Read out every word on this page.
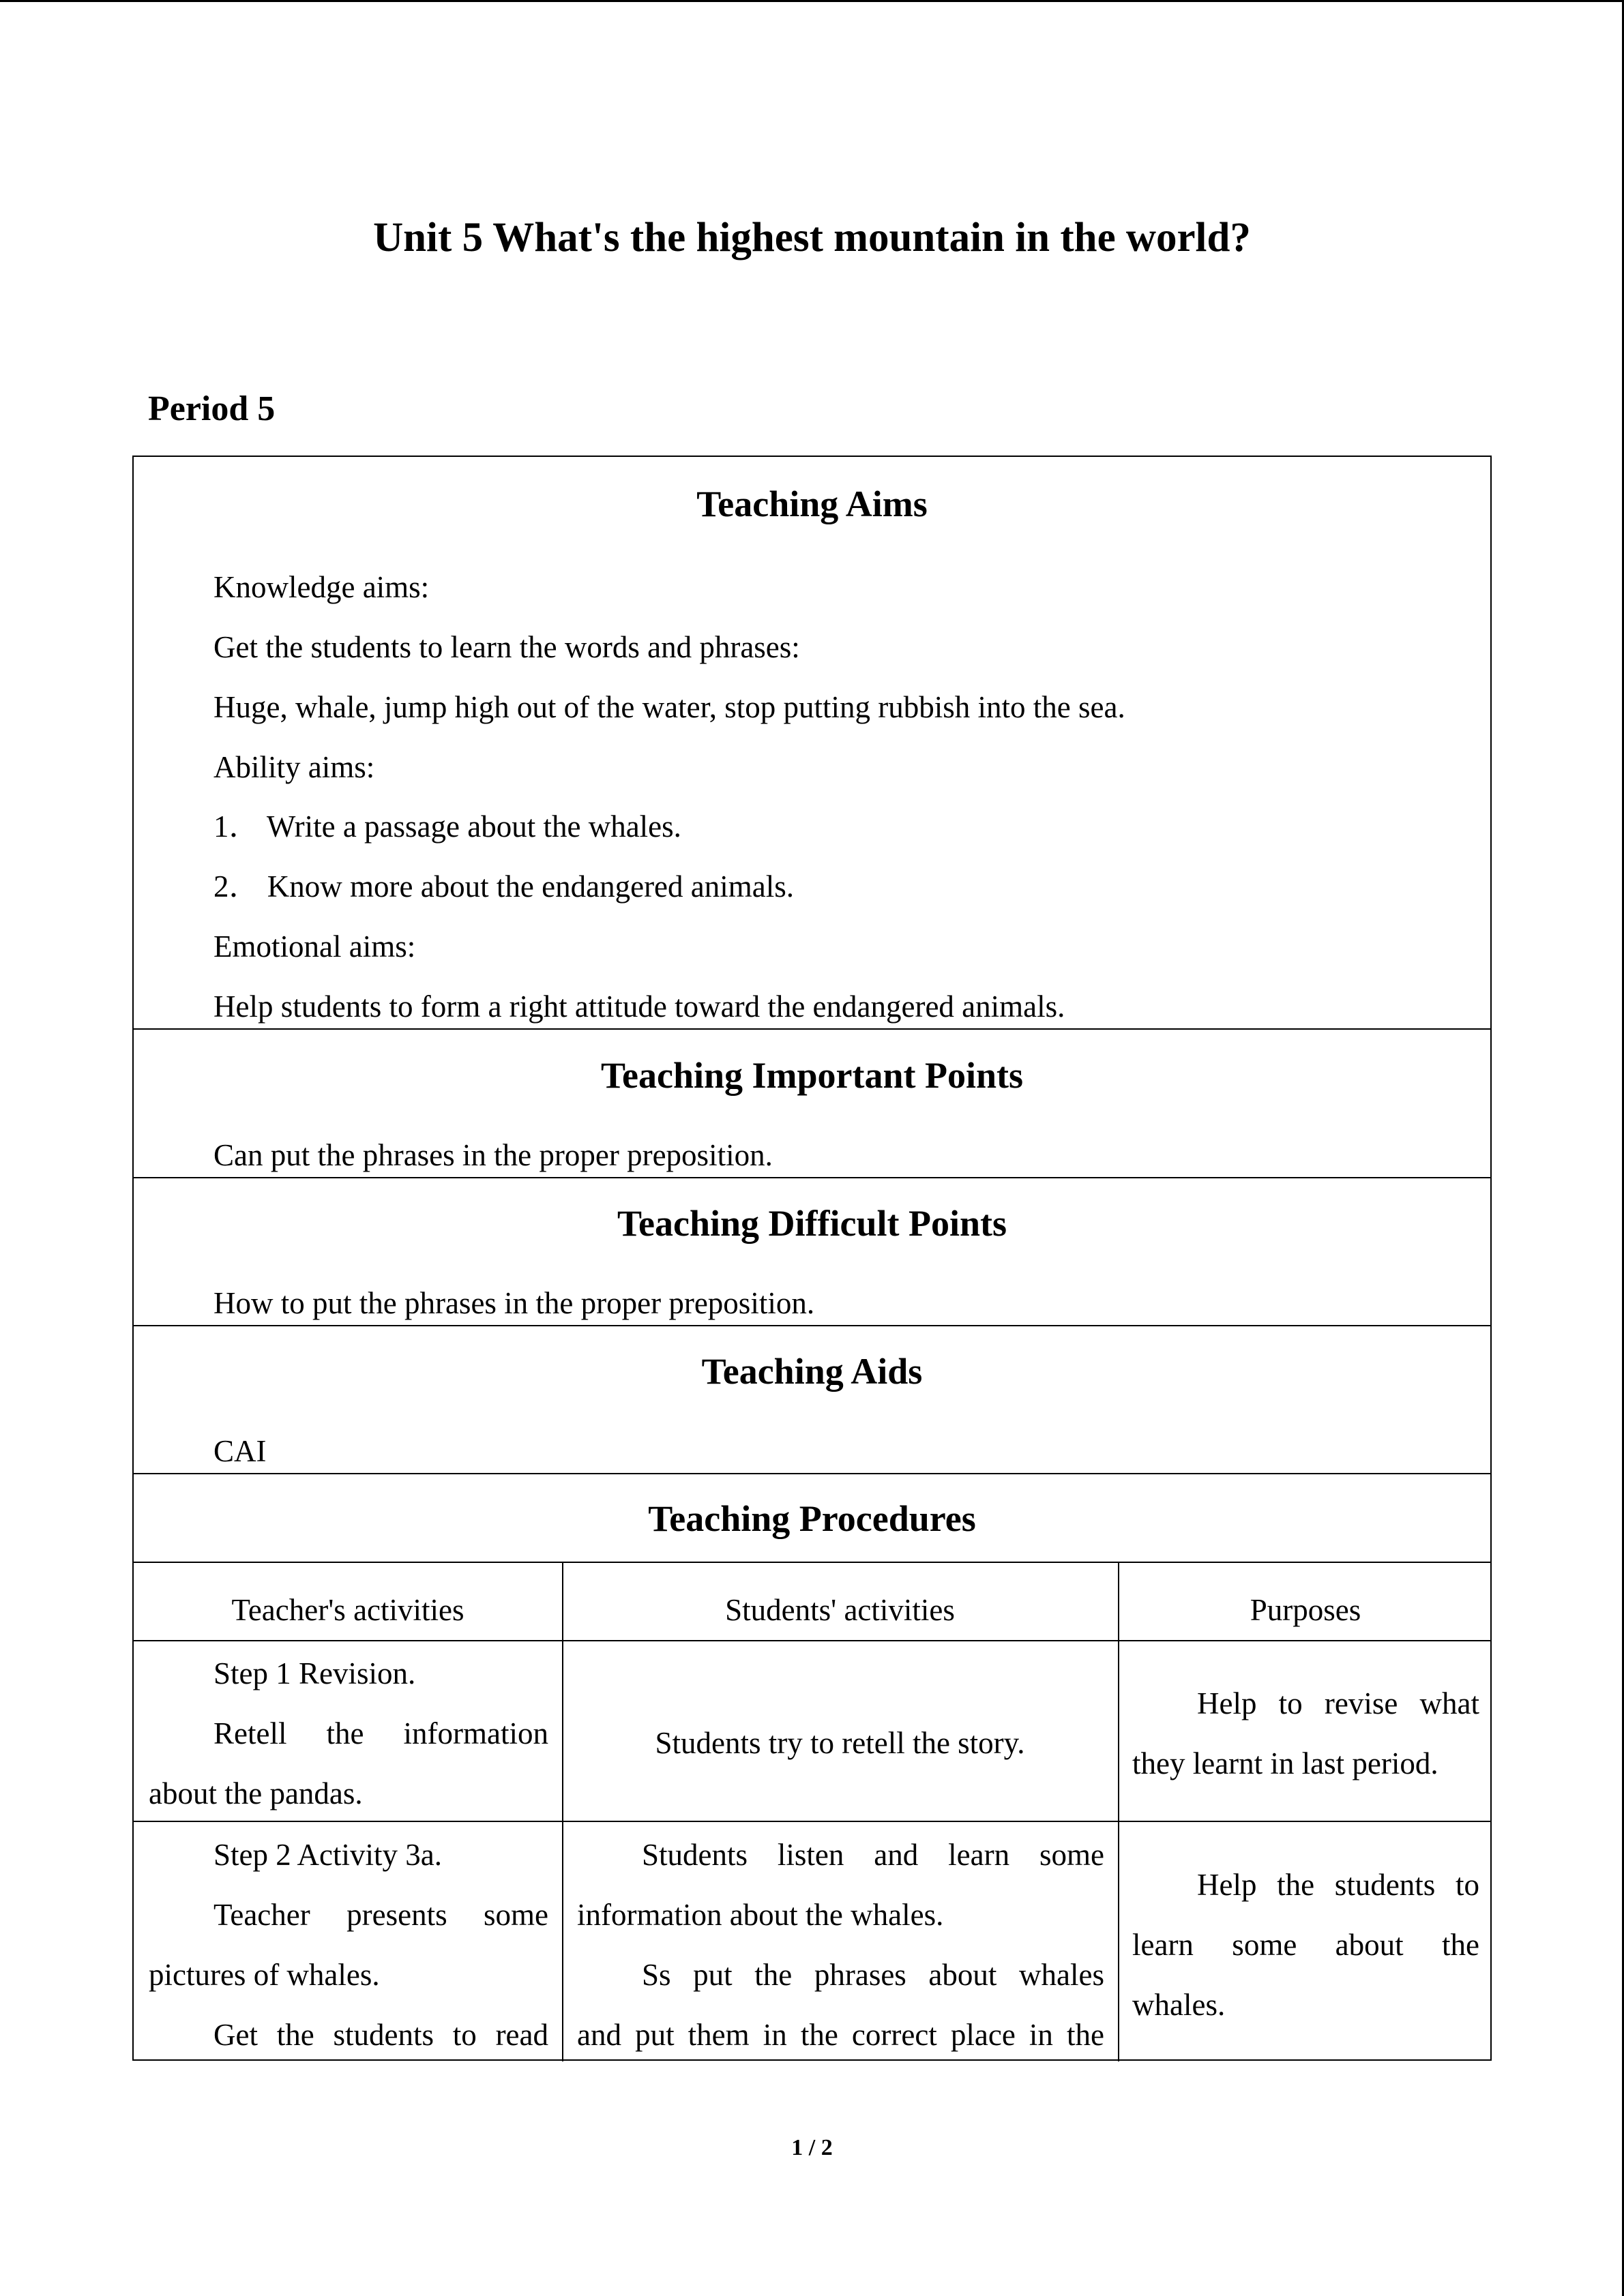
Unit 5 What's the highest mountain in the world?
Period 5
Teaching Aims
Knowledge aims:
Get the students to learn the words and phrases:
Huge, whale, jump high out of the water, stop putting rubbish into the sea.
Ability aims:
1． Write a passage about the whales.
2． Know more about the endangered animals.
Emotional aims:
Help students to form a right attitude toward the endangered animals.
Teaching Important Points
Can put the phrases in the proper preposition.
Teaching Difficult Points
How to put the phrases in the proper preposition.
Teaching Aids
CAI
Teaching Procedures
Teacher's activities	Students' activities	Purposes
Step 1 Revision.
Retell the information
about the pandas.
Students try to retell the story.
Help to revise what
they learnt in last period.
Step 2 Activity 3a.
Teacher presents some
pictures of whales.
Get the students to read
Students listen and learn some
information about the whales.
Ss put the phrases about whales
and put them in the correct place in the
Help the students to
learn some about the
whales.
1 / 2
